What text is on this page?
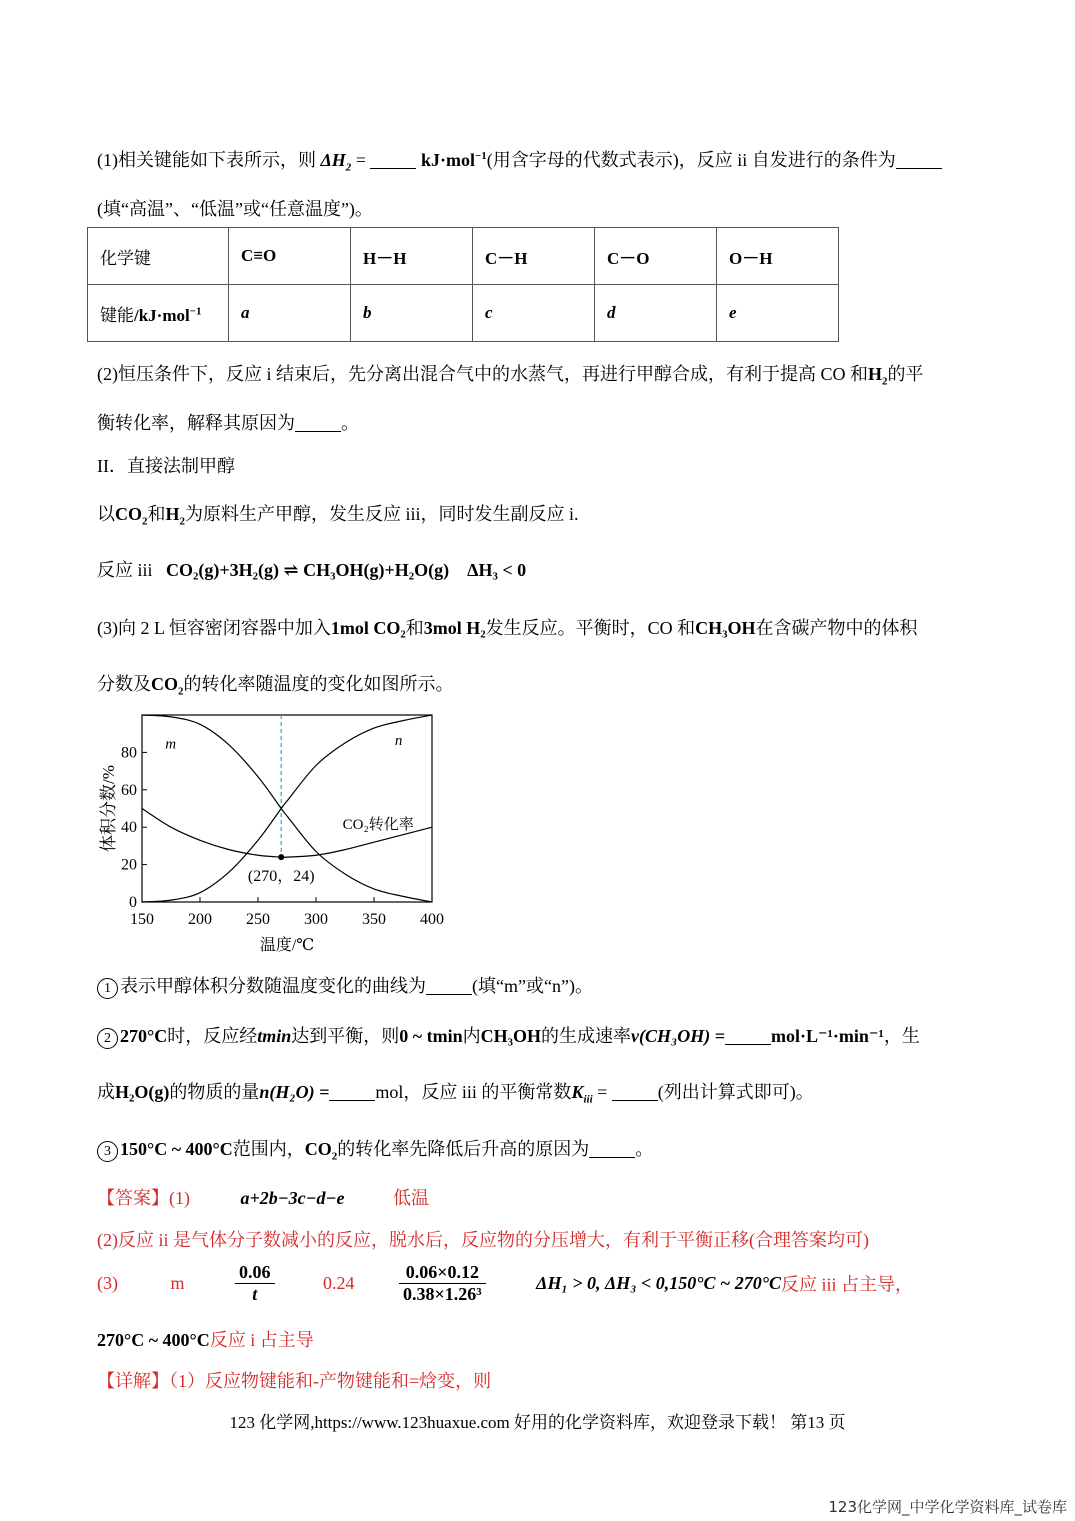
(1)相关键能如下表所示，则 $\Delta H_2$ =	kJ·mol$^{-1}$(用含字母的代数式表示)，反应 ii 自发进行的条件为
(填“高温”、“低温”或“任意温度”)。
化学键	C≡O	H－H	C－H	C－O	O－H
键能/kJ·mol$^{-1}$	a	b	c	d	e
(2)恒压条件下，反应 i 结束后，先分离出混合气中的水蒸气，再进行甲醇合成，有利于提高 CO 和$H_2$的平
衡转化率，解释其原因为	。
II．直接法制甲醇
以$CO_2$和$H_2$为原料生产甲醇，发生反应 iii，同时发生副反应 i.
反应 iii CO₂(g)+3H₂(g) ⇌ CH₃OH(g)+H₂O(g) ΔH₃ < 0
(3)向 2 L 恒容密闭容器中加入1mol CO₂和3mol H₂发生反应。平衡时，CO 和CH₃OH在含碳产物中的体积
分数及$CO_2$的转化率随温度的变化如图所示。
150 200 250 300 350 400
0
20
40
60
80
温度/℃
体积分数/%
m	n
CO₂转化率
(270，24)
1 表示甲醇体积分数随温度变化的曲线为	(填“m”或“n”)。
2 270°C时，反应经tmin达到平衡，则0 ~ tmin内CH₃OH的生成速率v(CH₃OH) =	mol·L⁻¹·min⁻¹，生
成H₂O(g)的物质的量n(H₂O) =	mol，反应 iii 的平衡常数$K_{iii}$ =	(列出计算式即可)。
3 150°C ~ 400°C范围内，$CO_2$的转化率先降低后升高的原因为	。
【答案】(1)	a+2b−3c−d−e	低温
(2)反应 ii 是气体分子数减小的反应，脱水后，反应物的分压增大，有利于平衡正移(合理答案均可)
(3)	m	$\frac{0.06}{t}$	$0.24 \frac{0.06\times 0.12}{\text{0.38×1.26³}}$	ΔH₁ > 0, ΔH₃ < 0,150°C ~ 270°C反应 iii 占主导，
270°C ~ 400°C反应 i 占主导
【详解】（1）反应物键能和-产物键能和=焓变，则
123 化学网,https://www.123huaxue.com 好用的化学资料库，欢迎登录下载！ 第13 页
123化学网_中学化学资料库_试卷库
